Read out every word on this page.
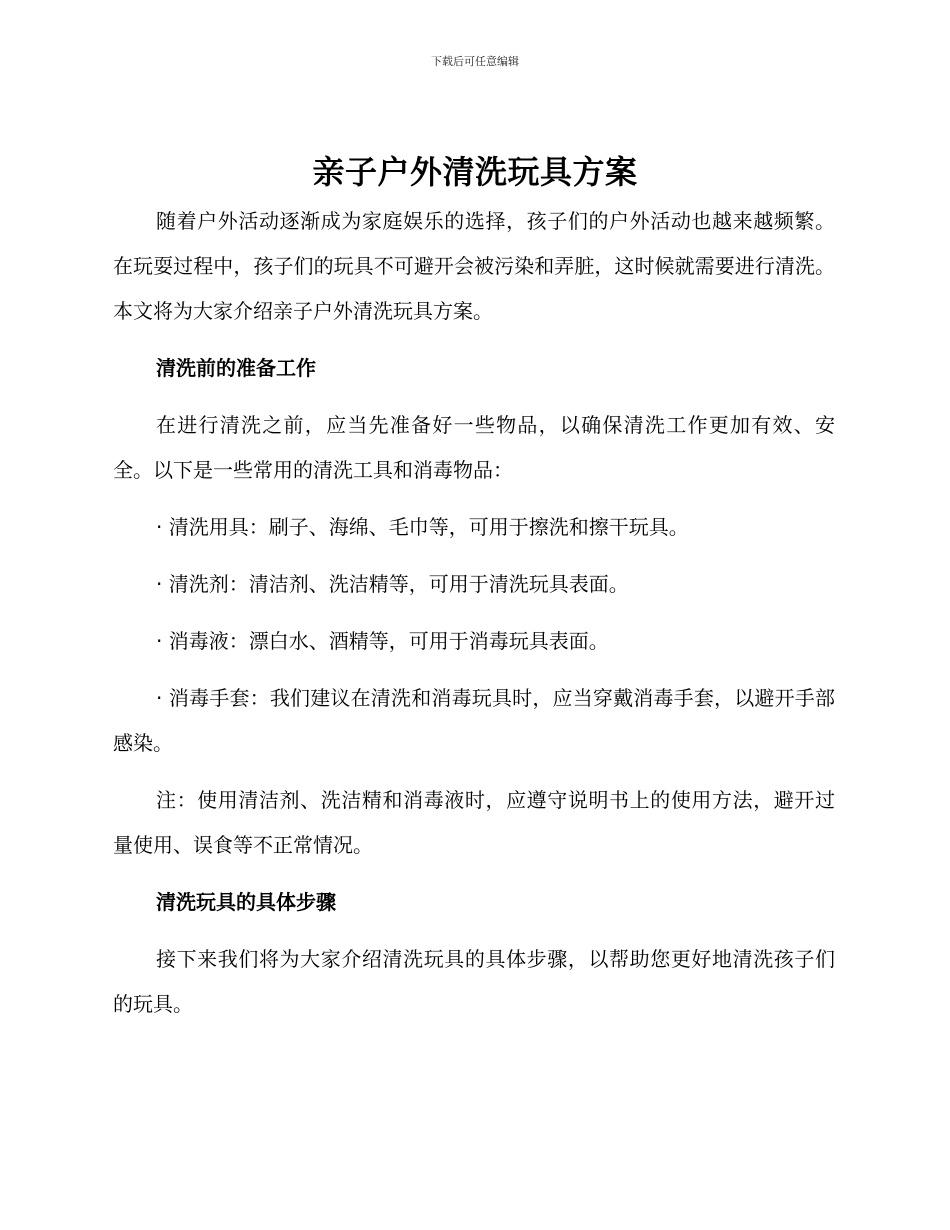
下载后可任意编辑
亲子户外清洗玩具方案

随着户外活动逐渐成为家庭娱乐的选择，孩子们的户外活动也越来越频繁。在玩耍过程中，孩子们的玩具不可避开会被污染和弄脏，这时候就需要进行清洗。本文将为大家介绍亲子户外清洗玩具方案。

清洗前的准备工作

在进行清洗之前，应当先准备好一些物品，以确保清洗工作更加有效、安全。以下是一些常用的清洗工具和消毒物品：

· 清洗用具：刷子、海绵、毛巾等，可用于擦洗和擦干玩具。

· 清洗剂：清洁剂、洗洁精等，可用于清洗玩具表面。

· 消毒液：漂白水、酒精等，可用于消毒玩具表面。

· 消毒手套：我们建议在清洗和消毒玩具时，应当穿戴消毒手套，以避开手部感染。

注：使用清洁剂、洗洁精和消毒液时，应遵守说明书上的使用方法，避开过量使用、误食等不正常情况。

清洗玩具的具体步骤

接下来我们将为大家介绍清洗玩具的具体步骤，以帮助您更好地清洗孩子们的玩具。
